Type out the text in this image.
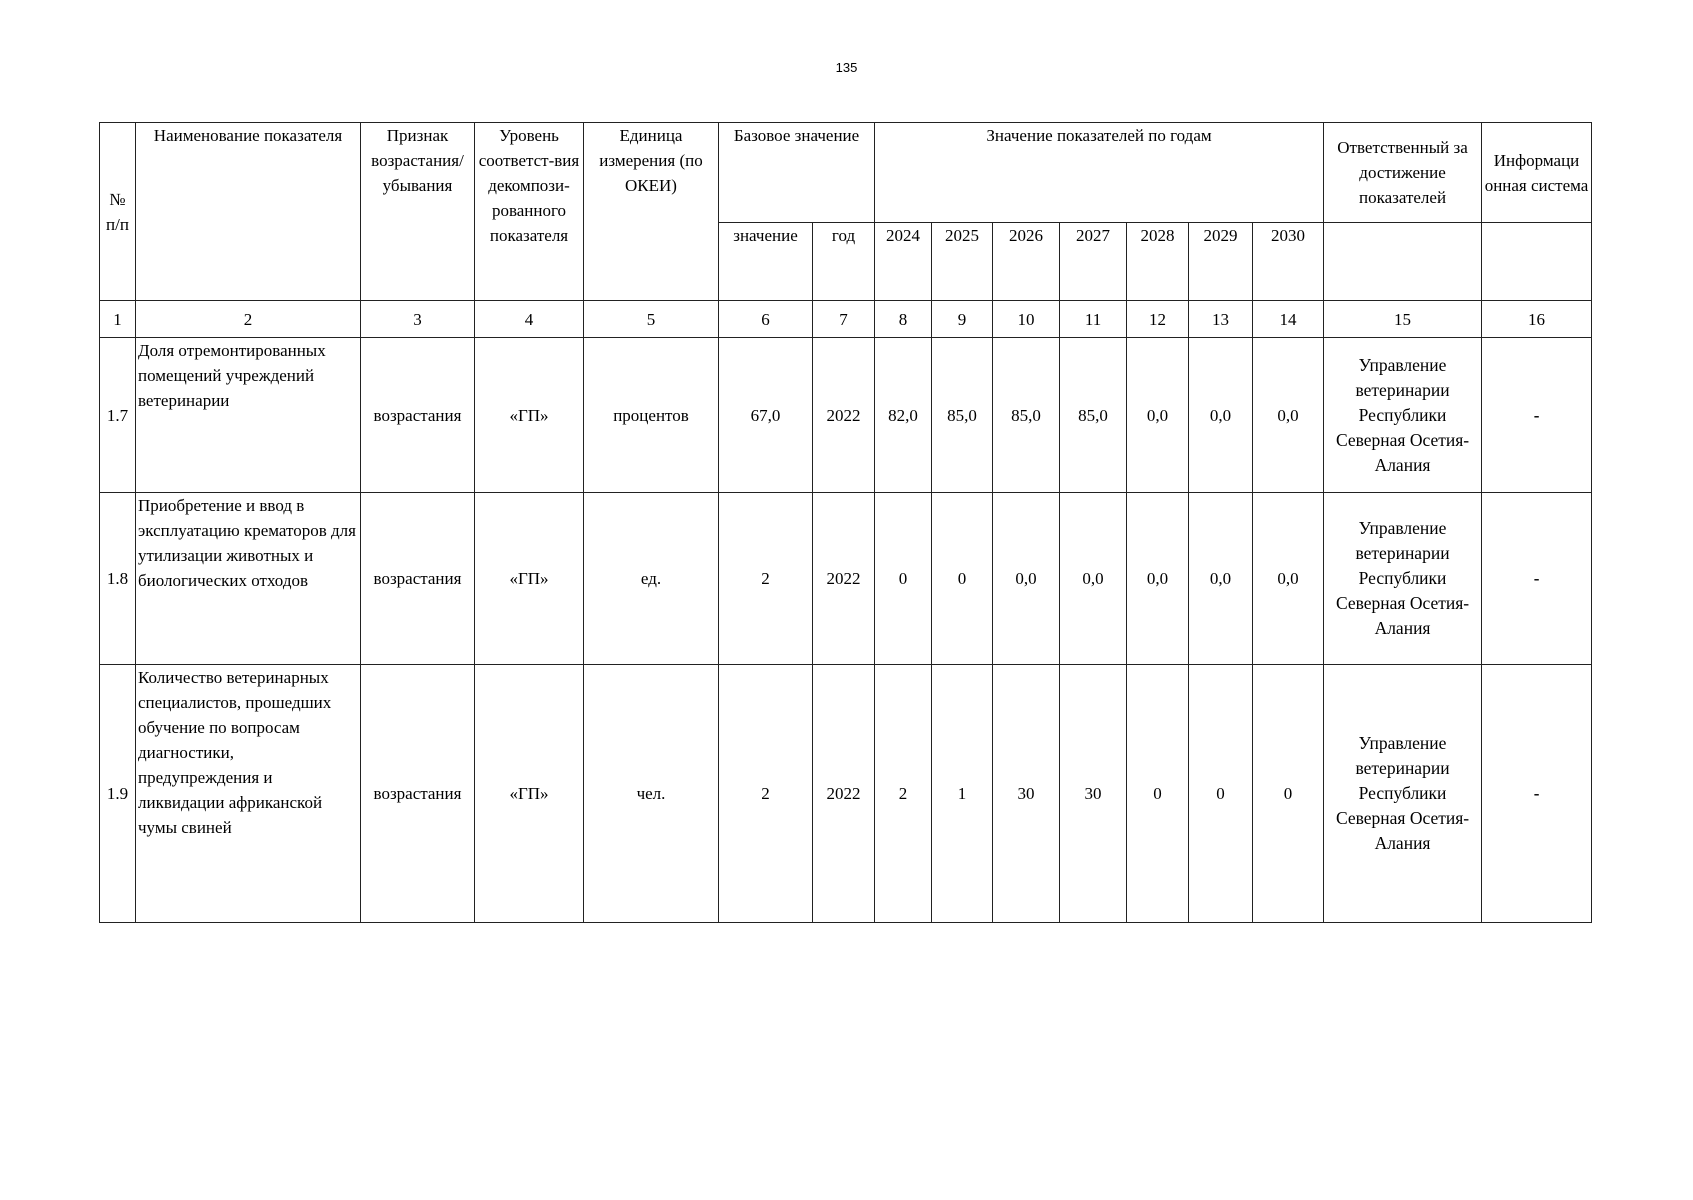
135
№ п/п	Наименование показателя	Признак возрастания/ убывания	Уровень соответст-вия декомпози-рованного показателя	Единица измерения (по ОКЕИ)	Базовое значение		Значение показателей по годам							Ответственный за достижение показателей	Информаци онная система
					значение	год	2024	2025	2026	2027	2028	2029	2030		
1	2	3	4	5	6	7	8	9	10	11	12	13	14	15	16
1.7	Доля отремонтированных помещений учреждений ветеринарии	возрастания	«ГП»	процентов	67,0	2022	82,0	85,0	85,0	85,0	0,0	0,0	0,0	Управление ветеринарии Республики Северная Осетия-Алания	-
1.8	Приобретение и ввод в эксплуатацию крематоров для утилизации животных и биологических отходов	возрастания	«ГП»	ед.	2	2022	0	0	0,0	0,0	0,0	0,0	0,0	Управление ветеринарии Республики Северная Осетия-Алания	-
1.9	Количество ветеринарных специалистов, прошедших обучение по вопросам диагностики, предупреждения и ликвидации африканской чумы свиней	возрастания	«ГП»	чел.	2	2022	2	1	30	30	0	0	0	Управление ветеринарии Республики Северная Осетия-Алания	-
